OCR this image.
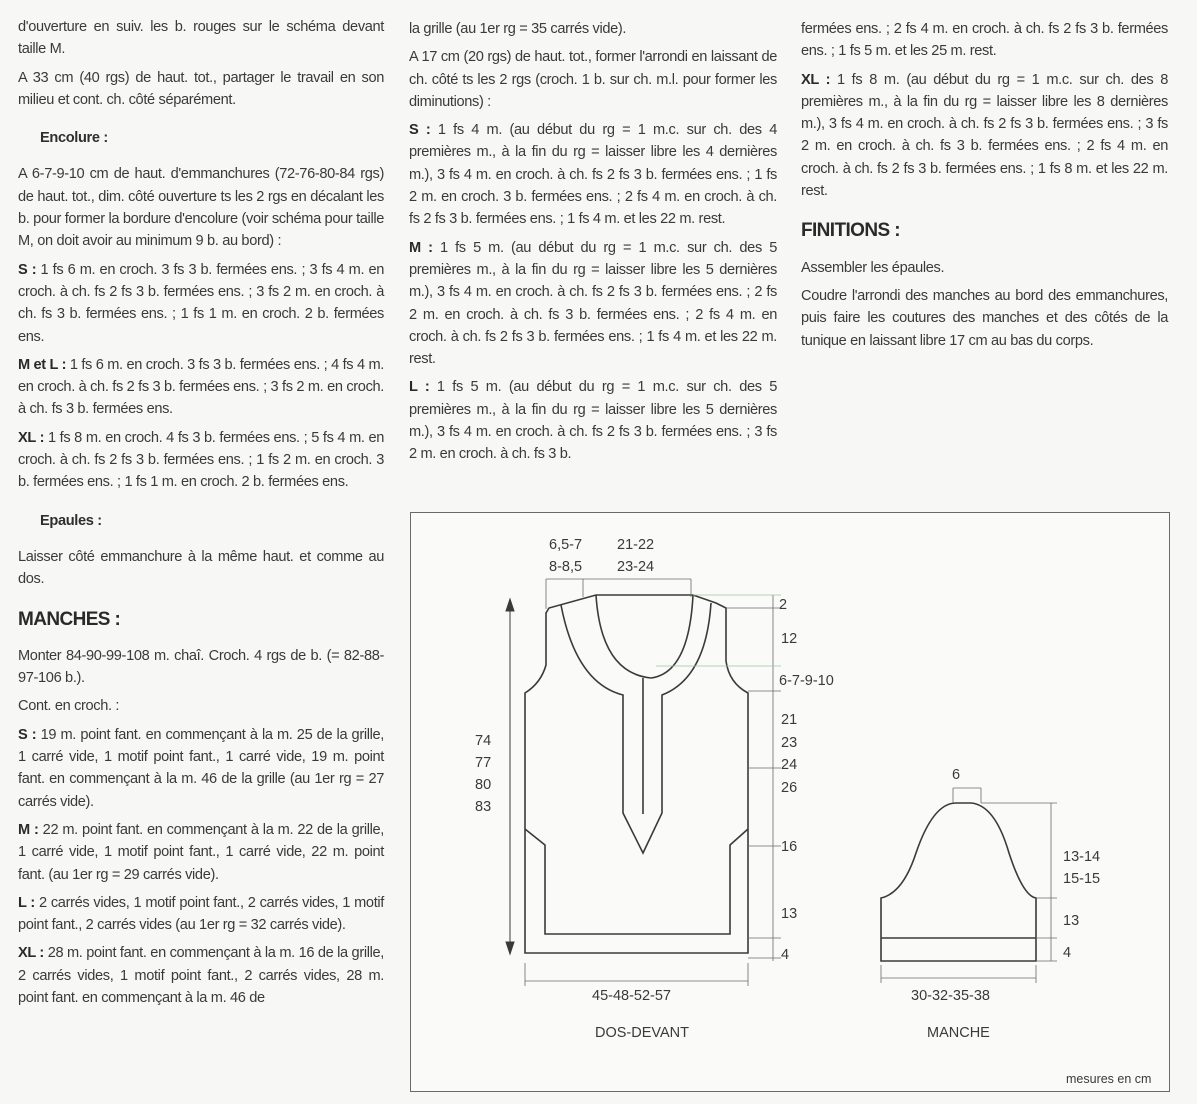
d'ouverture en suiv. les b. rouges sur le schéma devant taille M.

A 33 cm (40 rgs) de haut. tot., partager le travail en son milieu et cont. ch. côté séparément.

Encolure :

A 6-7-9-10 cm de haut. d'emmanchures (72-76-80-84 rgs) de haut. tot., dim. côté ouverture ts les 2 rgs en décalant les b. pour former la bordure d'encolure (voir schéma pour taille M, on doit avoir au minimum 9 b. au bord) :

S : 1 fs 6 m. en croch. 3 fs 3 b. fermées ens. ; 3 fs 4 m. en croch. à ch. fs 2 fs 3 b. fermées ens. ; 3 fs 2 m. en croch. à ch. fs 3 b. fermées ens. ; 1 fs 1 m. en croch. 2 b. fermées ens.

M et L : 1 fs 6 m. en croch. 3 fs 3 b. fermées ens. ; 4 fs 4 m. en croch. à ch. fs 2 fs 3 b. fermées ens. ; 3 fs 2 m. en croch. à ch. fs 3 b. fermées ens.

XL : 1 fs 8 m. en croch. 4 fs 3 b. fermées ens. ; 5 fs 4 m. en croch. à ch. fs 2 fs 3 b. fermées ens. ; 1 fs 2 m. en croch. 3 b. fermées ens. ; 1 fs 1 m. en croch. 2 b. fermées ens.

Epaules :

Laisser côté emmanchure à la même haut. et comme au dos.

MANCHES :

Monter 84-90-99-108 m. chaî. Croch. 4 rgs de b. (= 82-88-97-106 b.).

Cont. en croch. :

S : 19 m. point fant. en commençant à la m. 25 de la grille, 1 carré vide, 1 motif point fant., 1 carré vide, 19 m. point fant. en commençant à la m. 46 de la grille (au 1er rg = 27 carrés vide).

M : 22 m. point fant. en commençant à la m. 22 de la grille, 1 carré vide, 1 motif point fant., 1 carré vide, 22 m. point fant. (au 1er rg = 29 carrés vide).

L : 2 carrés vides, 1 motif point fant., 2 carrés vides, 1 motif point fant., 2 carrés vides (au 1er rg = 32 carrés vide).

XL : 28 m. point fant. en commençant à la m. 16 de la grille, 2 carrés vides, 1 motif point fant., 2 carrés vides, 28 m. point fant. en commençant à la m. 46 de

la grille (au 1er rg = 35 carrés vide).

A 17 cm (20 rgs) de haut. tot., former l'arrondi en laissant de ch. côté ts les 2 rgs (croch. 1 b. sur ch. m.l. pour former les diminutions) :

S : 1 fs 4 m. (au début du rg = 1 m.c. sur ch. des 4 premières m., à la fin du rg = laisser libre les 4 dernières m.), 3 fs 4 m. en croch. à ch. fs 2 fs 3 b. fermées ens. ; 1 fs 2 m. en croch. 3 b. fermées ens. ; 2 fs 4 m. en croch. à ch. fs 2 fs 3 b. fermées ens. ; 1 fs 4 m. et les 22 m. rest.

M : 1 fs 5 m. (au début du rg = 1 m.c. sur ch. des 5 premières m., à la fin du rg = laisser libre les 5 dernières m.), 3 fs 4 m. en croch. à ch. fs 2 fs 3 b. fermées ens. ; 2 fs 2 m. en croch. à ch. fs 3 b. fermées ens. ; 2 fs 4 m. en croch. à ch. fs 2 fs 3 b. fermées ens. ; 1 fs 4 m. et les 22 m. rest.

L : 1 fs 5 m. (au début du rg = 1 m.c. sur ch. des 5 premières m., à la fin du rg = laisser libre les 5 dernières m.), 3 fs 4 m. en croch. à ch. fs 2 fs 3 b. fermées ens. ; 3 fs 2 m. en croch. à ch. fs 3 b.

fermées ens. ; 2 fs 4 m. en croch. à ch. fs 2 fs 3 b. fermées ens. ; 1 fs 5 m. et les 25 m. rest.

XL : 1 fs 8 m. (au début du rg = 1 m.c. sur ch. des 8 premières m., à la fin du rg = laisser libre les 8 dernières m.), 3 fs 4 m. en croch. à ch. fs 2 fs 3 b. fermées ens. ; 3 fs 2 m. en croch. à ch. fs 3 b. fermées ens. ; 2 fs 4 m. en croch. à ch. fs 2 fs 3 b. fermées ens. ; 1 fs 8 m. et les 22 m. rest.

FINITIONS :

Assembler les épaules.

Coudre l'arrondi des manches au bord des emmanchures, puis faire les coutures des manches et des côtés de la tunique en laissant libre 17 cm au bas du corps.

6,5-7
8-8,5
21-22
23-24
2
12
6-7-9-10
21
23
24
26
16
13
4
74
77
80
83
45-48-52-57
DOS-DEVANT
6
13-14
15-15
13
4
30-32-35-38
MANCHE
mesures en cm
